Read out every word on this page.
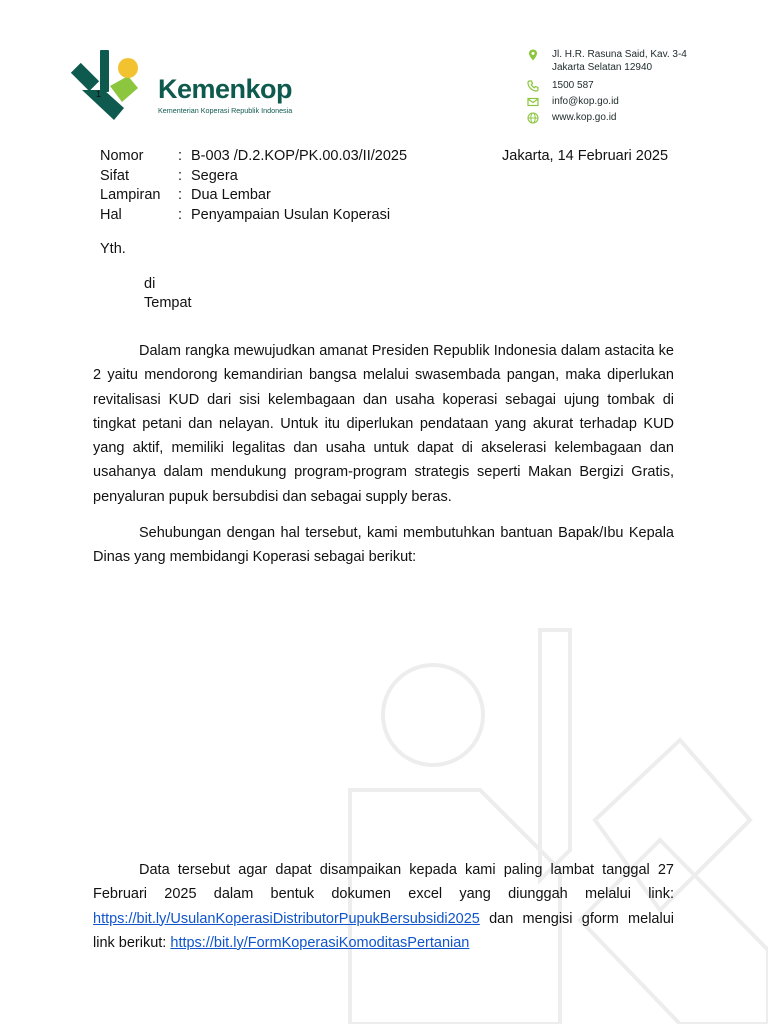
Kemenkop
Kementerian Koperasi Republik Indonesia
1
Jl. H.R. Rasuna Said, Kav. 3-4 Jakarta Selatan 12940
1500 587
info@kop.go.id
www.kop.go.id
Nomor : B-003 /D.2.KOP/PK.00.03/II/2025
Sifat	: Segera
Lampiran : Dua Lembar
Hal	: Penyampaian Usulan Koperasi
Jakarta, 14 Februari 2025
Yth.
di
Tempat
Dalam rangka mewujudkan amanat Presiden Republik Indonesia dalam astacita ke 2 yaitu mendorong kemandirian bangsa melalui swasembada pangan, maka diperlukan revitalisasi KUD dari sisi kelembagaan dan usaha koperasi sebagai ujung tombak di tingkat petani dan nelayan. Untuk itu diperlukan pendataan yang akurat terhadap KUD yang aktif, memiliki legalitas dan usaha untuk dapat di akselerasi kelembagaan dan usahanya dalam mendukung program-program strategis seperti Makan Bergizi Gratis, penyaluran pupuk bersubdisi dan sebagai supply beras.
Sehubungan dengan hal tersebut, kami membutuhkan bantuan Bapak/Ibu Kepala Dinas yang membidangi Koperasi sebagai berikut:
Data tersebut agar dapat disampaikan kepada kami paling lambat tanggal 27 Februari 2025 dalam bentuk dokumen excel yang diunggah melalui link: https://bit.ly/UsulanKoperasiDistributorPupukBersubsidi2025 dan mengisi gform melalui link berikut: https://bit.ly/FormKoperasiKomoditasPertanian
